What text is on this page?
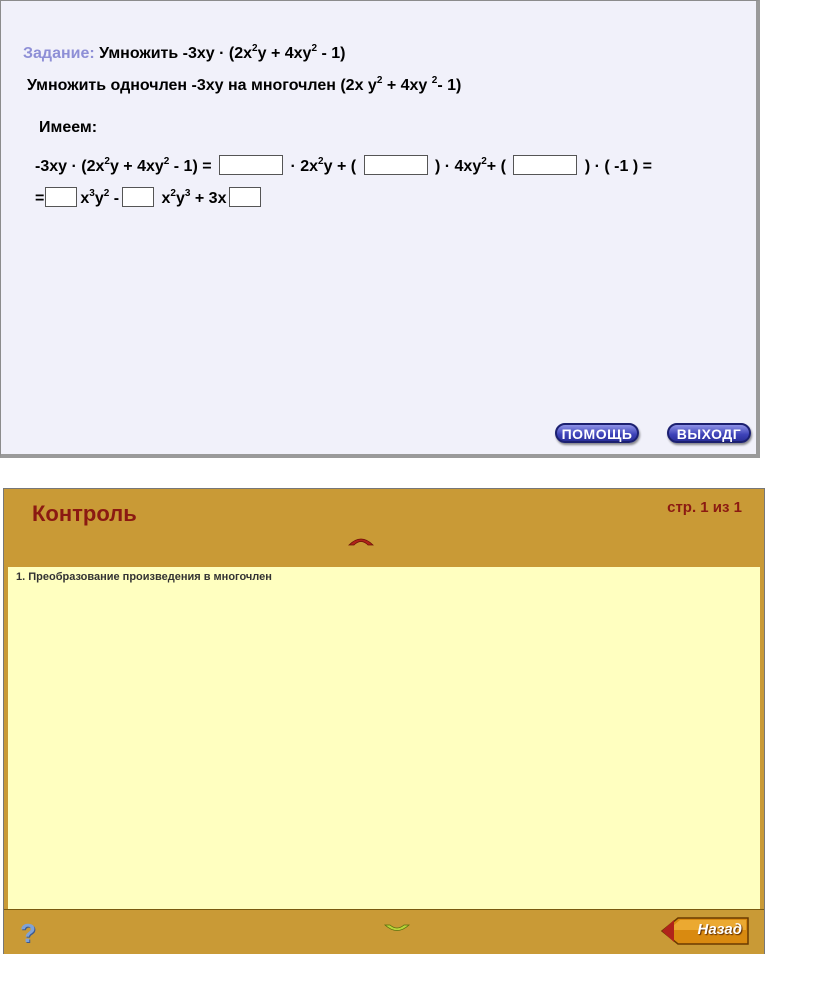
Задание: Умножить $-3xy \cdot (2x^2y + 4xy^2 - 1)$
Умножить одночлен -3xy на многочлен (2x $y^2 + 4xy$ $^2$- 1)
Имеем:
$-3xy \cdot (2x^2y + 4xy^2 - 1)$ =	· $2x^2y$ + (	) · $4xy^2+$ (	) · ( -1 ) =
= $x^3y^2 - x^2y^3 + 3x$
ПОМОЩЬ	ВЫХОДГ
Контроль	стр. 1 из 1
1. Преобразование произведения в многочлен
?	Назад
